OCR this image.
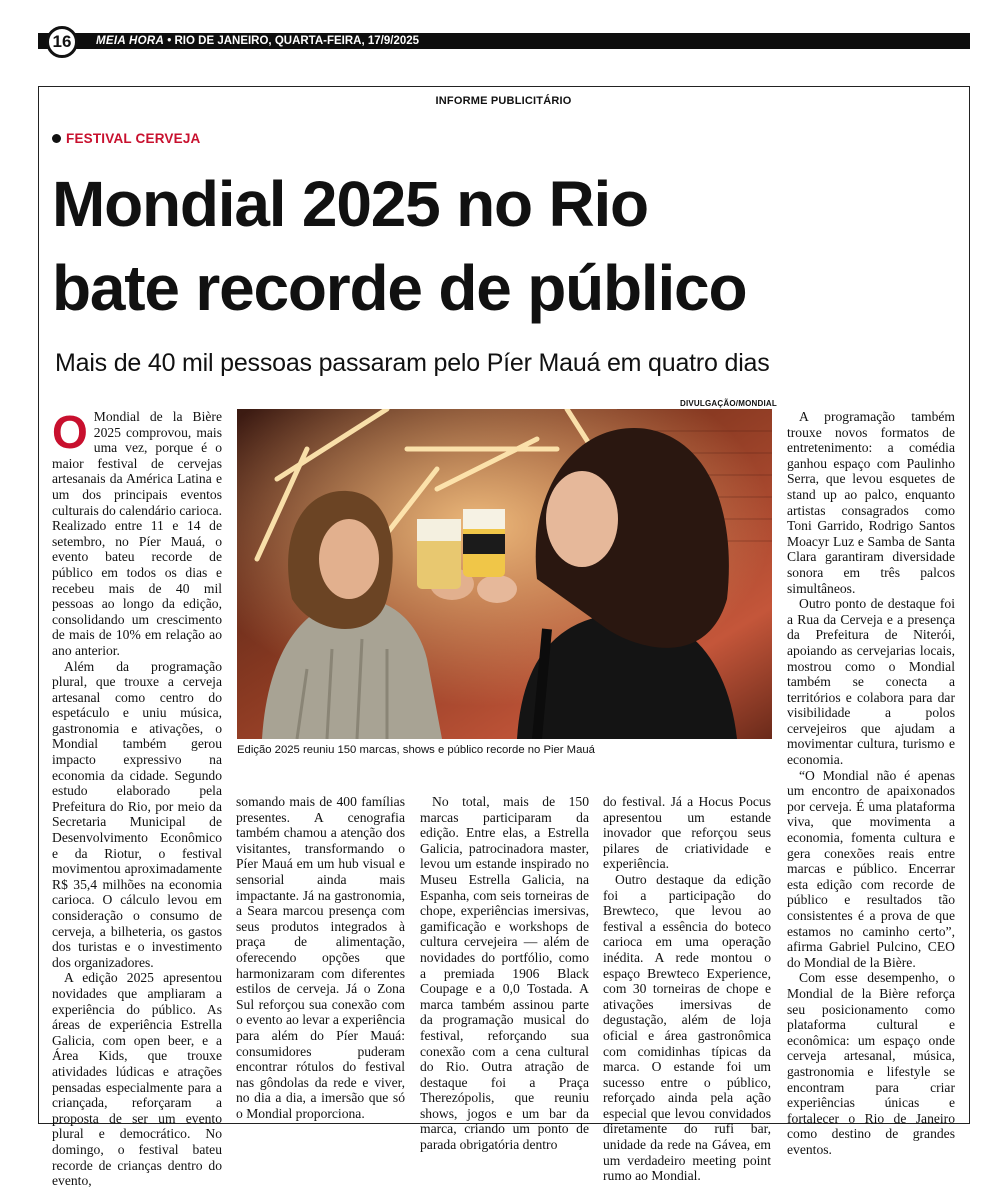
16	MEIA HORA • RIO DE JANEIRO, QUARTA-FEIRA, 17/9/2025
INFORME PUBLICITÁRIO
FESTIVAL CERVEJA
Mondial 2025 no Rio
bate recorde de público
Mais de 40 mil pessoas passaram pelo Píer Mauá em quatro dias

O Mondial de la Bière 2025 comprovou, mais uma vez, porque é o maior festival de cervejas artesanais da América Latina e um dos principais eventos culturais do calendário carioca. Realizado entre 11 e 14 de setembro, no Píer Mauá, o evento bateu recorde de público em todos os dias e recebeu mais de 40 mil pessoas ao longo da edição, consolidando um crescimento de mais de 10% em relação ao ano anterior.

Além da programação plural, que trouxe a cerveja artesanal como centro do espetáculo e uniu música, gastronomia e ativações, o Mondial também gerou impacto expressivo na economia da cidade. Segundo estudo elaborado pela Prefeitura do Rio, por meio da Secretaria Municipal de Desenvolvimento Econômico e da Riotur, o festival movimentou aproximadamente R$ 35,4 milhões na economia carioca. O cálculo levou em consideração o consumo de cerveja, a bilheteria, os gastos dos turistas e o investimento dos organizadores.

A edição 2025 apresentou novidades que ampliaram a experiência do público. As áreas de experiência Estrella Galicia, com open beer, e a Área Kids, que trouxe atividades lúdicas e atrações pensadas especialmente para a criançada, reforçaram a proposta de ser um evento plural e democrático. No domingo, o festival bateu recorde de crianças dentro do evento,

DIVULGAÇÃO/MONDIAL
Edição 2025 reuniu 150 marcas, shows e público recorde no Pier Mauá

somando mais de 400 famílias presentes. A cenografia também chamou a atenção dos visitantes, transformando o Píer Mauá em um hub visual e sensorial ainda mais impactante. Já na gastronomia, a Seara marcou presença com seus produtos integrados à praça de alimentação, oferecendo opções que harmonizaram com diferentes estilos de cerveja. Já o Zona Sul reforçou sua conexão com o evento ao levar a experiência para além do Píer Mauá: consumidores puderam encontrar rótulos do festival nas gôndolas da rede e viver, no dia a dia, a imersão que só o Mondial proporciona.

No total, mais de 150 marcas participaram da edição. Entre elas, a Estrella Galicia, patrocinadora master, levou um estande inspirado no Museu Estrella Galicia, na Espanha, com seis torneiras de chope, experiências imersivas, gamificação e workshops de cultura cervejeira — além de novidades do portfólio, como a premiada 1906 Black Coupage e a 0,0 Tostada. A marca também assinou parte da programação musical do festival, reforçando sua conexão com a cena cultural do Rio. Outra atração de destaque foi a Praça Therezópolis, que reuniu shows, jogos e um bar da marca, criando um ponto de parada obrigatória dentro

do festival. Já a Hocus Pocus apresentou um estande inovador que reforçou seus pilares de criatividade e experiência.

Outro destaque da edição foi a participação do Brewteco, que levou ao festival a essência do boteco carioca em uma operação inédita. A rede montou o espaço Brewteco Experience, com 30 torneiras de chope e ativações imersivas de degustação, além de loja oficial e área gastronômica com comidinhas típicas da marca. O estande foi um sucesso entre o público, reforçado ainda pela ação especial que levou convidados diretamente do rufi bar, unidade da rede na Gávea, em um verdadeiro meeting point rumo ao Mondial.

A programação também trouxe novos formatos de entretenimento: a comédia ganhou espaço com Paulinho Serra, que levou esquetes de stand up ao palco, enquanto artistas consagrados como Toni Garrido, Rodrigo Santos Moacyr Luz e Samba de Santa Clara garantiram diversidade sonora em três palcos simultâneos.

Outro ponto de destaque foi a Rua da Cerveja e a presença da Prefeitura de Niterói, apoiando as cervejarias locais, mostrou como o Mondial também se conecta a territórios e colabora para dar visibilidade a polos cervejeiros que ajudam a movimentar cultura, turismo e economia.

“O Mondial não é apenas um encontro de apaixonados por cerveja. É uma plataforma viva, que movimenta a economia, fomenta cultura e gera conexões reais entre marcas e público. Encerrar esta edição com recorde de público e resultados tão consistentes é a prova de que estamos no caminho certo”, afirma Gabriel Pulcino, CEO do Mondial de la Bière.

Com esse desempenho, o Mondial de la Bière reforça seu posicionamento como plataforma cultural e econômica: um espaço onde cerveja artesanal, música, gastronomia e lifestyle se encontram para criar experiências únicas e fortalecer o Rio de Janeiro como destino de grandes eventos.
